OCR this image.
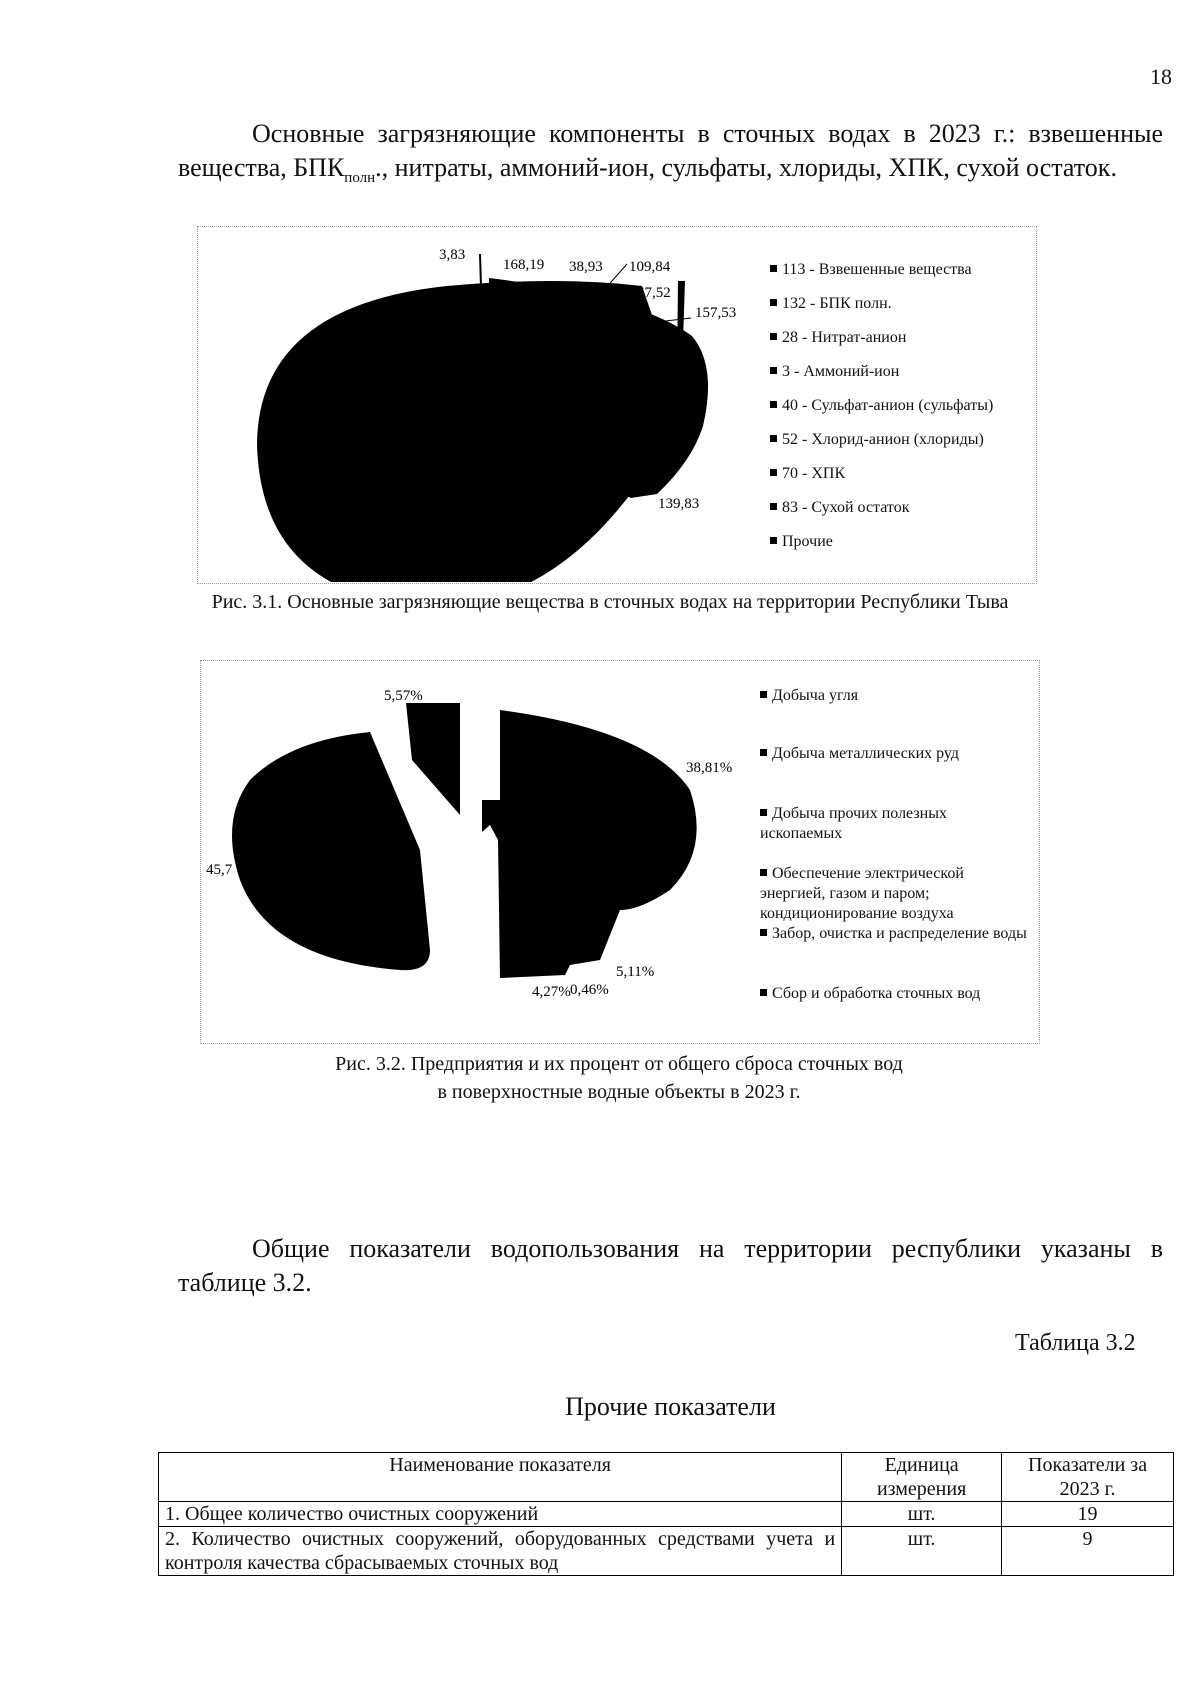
18
Основные загрязняющие компоненты в сточных водах в 2023 г.: взвешенные вещества, $БПК_{полн}$., нитраты, аммоний-ион, сульфаты, хлориды, ХПК, сухой остаток.
3,83
168,19 38,93 109,84
67,52
157,53
139,83
113 - Взвешенные вещества
132 - БПК полн.
28 - Нитрат-анион
3 - Аммоний-ион
40 - Сульфат-анион (сульфаты)
52 - Хлорид-анион (хлориды)
70 - ХПК
83 - Сухой остаток
Прочие
Рис. 3.1. Основные загрязняющие вещества в сточных водах на территории Республики Тыва
5,57%
38,81%
45,7
5,11%
4,27% 0,46%
Добыча угля
Добыча металлических руд
Добыча прочих полезных ископаемых
Обеспечение электрической энергией, газом и паром; кондиционирование воздуха
Забор, очистка и распределение воды
Сбор и обработка сточных вод
Рис. 3.2. Предприятия и их процент от общего сброса сточных вод
в поверхностные водные объекты в 2023 г.
Общие показатели водопользования на территории республики указаны в таблице 3.2.
Таблица 3.2
Прочие показатели
Наименование показателя	Единица измерения	Показатели за 2023 г.
1. Общее количество очистных сооружений	шт.	19
2. Количество очистных сооружений, оборудованных средствами учета и контроля качества сбрасываемых сточных вод	шт.	9
